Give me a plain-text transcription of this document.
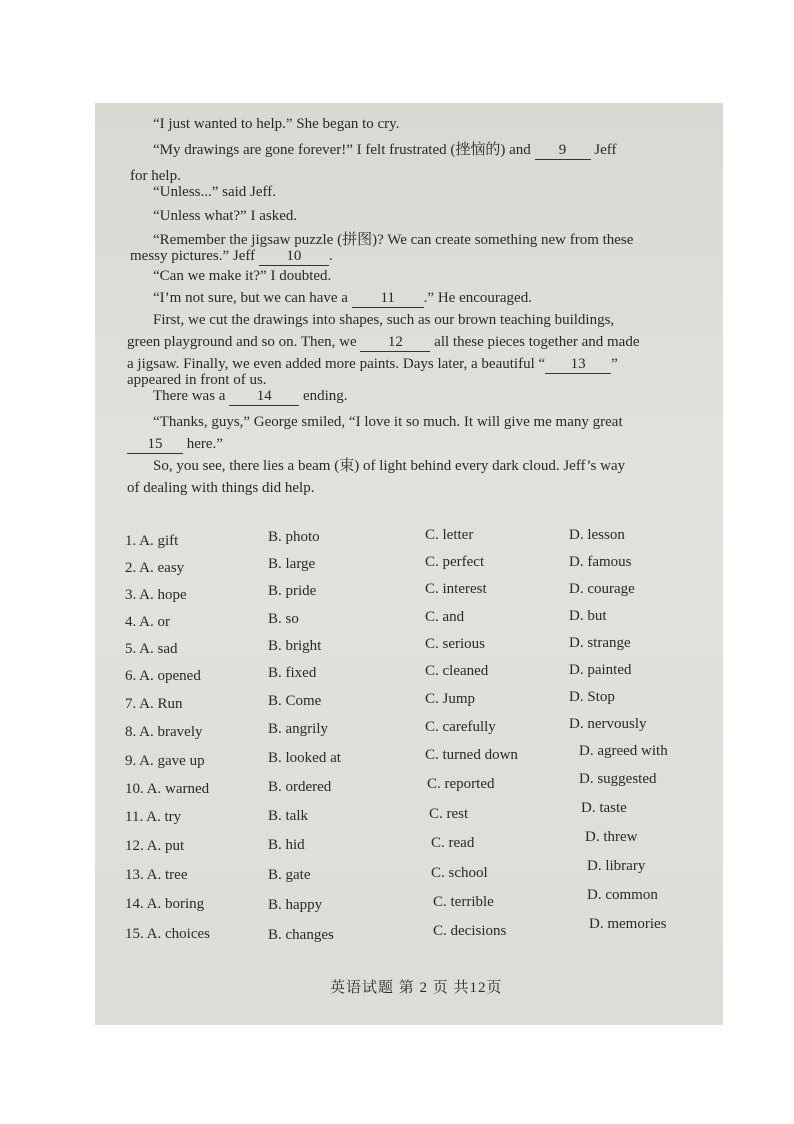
“I just wanted to help.” She began to cry.
“My drawings are gone forever!” I felt frustrated (挫恼的) and 9 Jeff
for help.
“Unless...” said Jeff.
“Unless what?” I asked.
“Remember the jigsaw puzzle (拼图)? We can create something new from these
messy pictures.” Jeff 10 .
“Can we make it?” I doubted.
“I’m not sure, but we can have a 11 .” He encouraged.
First, we cut the drawings into shapes, such as our brown teaching buildings,
green playground and so on. Then, we 12 all these pieces together and made
a jigsaw. Finally, we even added more paints. Days later, a beautiful “ 13 ”
appeared in front of us.
There was a 14 ending.
“Thanks, guys,” George smiled, “I love it so much. It will give me many great
15 here.”
So, you see, there lies a beam (束) of light behind every dark cloud. Jeff’s way
of dealing with things did help.
1. A. gift	B. photo	C. letter	D. lesson
2. A. easy	B. large	C. perfect	D. famous
3. A. hope	B. pride	C. interest	D. courage
4. A. or	B. so	C. and	D. but
5. A. sad	B. bright	C. serious	D. strange
6. A. opened	B. fixed	C. cleaned	D. painted
7. A. Run	B. Come	C. Jump	D. Stop
8. A. bravely	B. angrily	C. carefully	D. nervously
9. A. gave up	B. looked at	C. turned down	D. agreed with
10. A. warned	B. ordered	C. reported	D. suggested
11. A. try	B. talk	C. rest	D. taste
12. A. put	B. hid	C. read	D. threw
13. A. tree	B. gate	C. school	D. library
14. A. boring	B. happy	C. terrible	D. common
15. A. choices	B. changes	C. decisions	D. memories
英语试题 第 2 页 共12页
